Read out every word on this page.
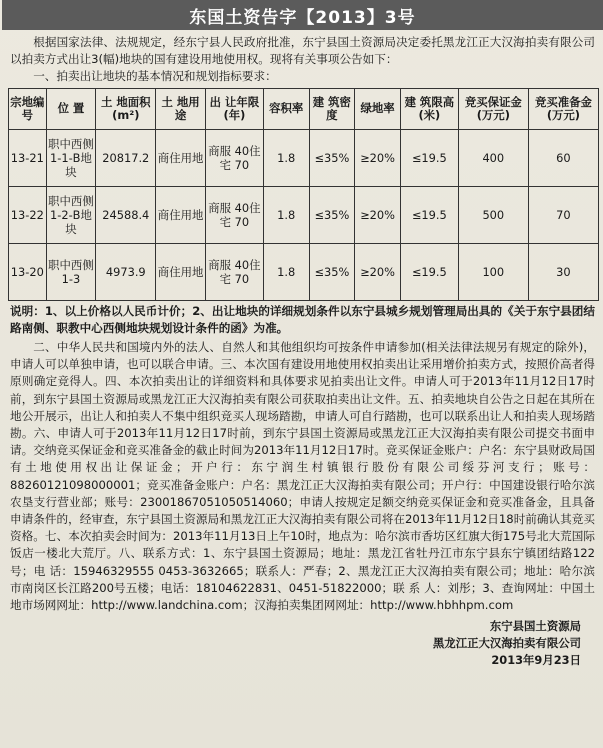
东国土资告字【2013】3号

根据国家法律、法规规定，经东宁县人民政府批准，东宁县国土资源局决定委托黑龙江正大汉海拍卖有限公司以拍卖方式出让3(幅)地块的国有建设用地使用权。现将有关事项公告如下：

一、拍卖出让地块的基本情况和规划指标要求：

宗地编号	位 置	土 地面积(m²)	土 地用途	出 让年限(年)	容积率	建 筑密度	绿地率	建 筑限高(米)	竞买保证金(万元)	竞买准备金(万元)
13-21	职中西侧1-1-B地块	20817.2	商住用地	商服 40住宅 70	1.8	≤35%	≥20%	≤19.5	400	60
13-22	职中西侧1-2-B地块	24588.4	商住用地	商服 40住宅 70	1.8	≤35%	≥20%	≤19.5	500	70
13-20	职中西侧1-3	4973.9	商住用地	商服 40住宅 70	1.8	≤35%	≥20%	≤19.5	100	30
说明：1、以上价格以人民币计价；2、出让地块的详细规划条件以东宁县城乡规划管理局出具的《关于东宁县团结路南侧、职教中心西侧地块规划设计条件的函》为准。

二、中华人民共和国境内外的法人、自然人和其他组织均可按条件申请参加(相关法律法规另有规定的除外)，申请人可以单独申请，也可以联合申请。三、本次国有建设用地使用权拍卖出让采用增价拍卖方式，按照价高者得原则确定竞得人。四、本次拍卖出让的详细资料和具体要求见拍卖出让文件。申请人可于2013年11月12日17时前，到东宁县国土资源局或黑龙江正大汉海拍卖有限公司获取拍卖出让文件。五、拍卖地块自公告之日起在其所在地公开展示，出让人和拍卖人不集中组织竞买人现场踏勘，申请人可自行踏勘，也可以联系出让人和拍卖人现场踏勘。六、申请人可于2013年11月12日17时前，到东宁县国土资源局或黑龙江正大汉海拍卖有限公司提交书面申请。交纳竞买保证金和竞买准备金的截止时间为2013年11月12日17时。竞买保证金账户：户名：东宁县财政局国有土地使用权出让保证金；开户行：东宁润生村镇银行股份有限公司绥芬河支行；账号：88260121098000001；竞买准备金账户：户名：黑龙江正大汉海拍卖有限公司；开户行：中国建设银行哈尔滨农垦支行营业部；账号：23001867051050514060；申请人按规定足额交纳竞买保证金和竞买准备金，且具备申请条件的，经审查，东宁县国土资源局和黑龙江正大汉海拍卖有限公司将在2013年11月12日18时前确认其竞买资格。七、本次拍卖会时间为：2013年11月13日上午10时，地点为：哈尔滨市香坊区红旗大街175号北大荒国际饭店一楼北大荒厅。八、联系方式：1、东宁县国土资源局；地址：黑龙江省牡丹江市东宁县东宁镇团结路122号；电 话：15946329555 0453-3632665；联系人：严春；2、黑龙江正大汉海拍卖有限公司；地址：哈尔滨市南岗区长江路200号五楼；电话：18104622831、0451-51822000；联 系 人：刘彤；3、查询网址：中国土地市场网网址：http://www.landchina.com；汉海拍卖集团网网址：http://www.hbhhpm.com

东宁县国土资源局
黑龙江正大汉海拍卖有限公司
2013年9月23日
